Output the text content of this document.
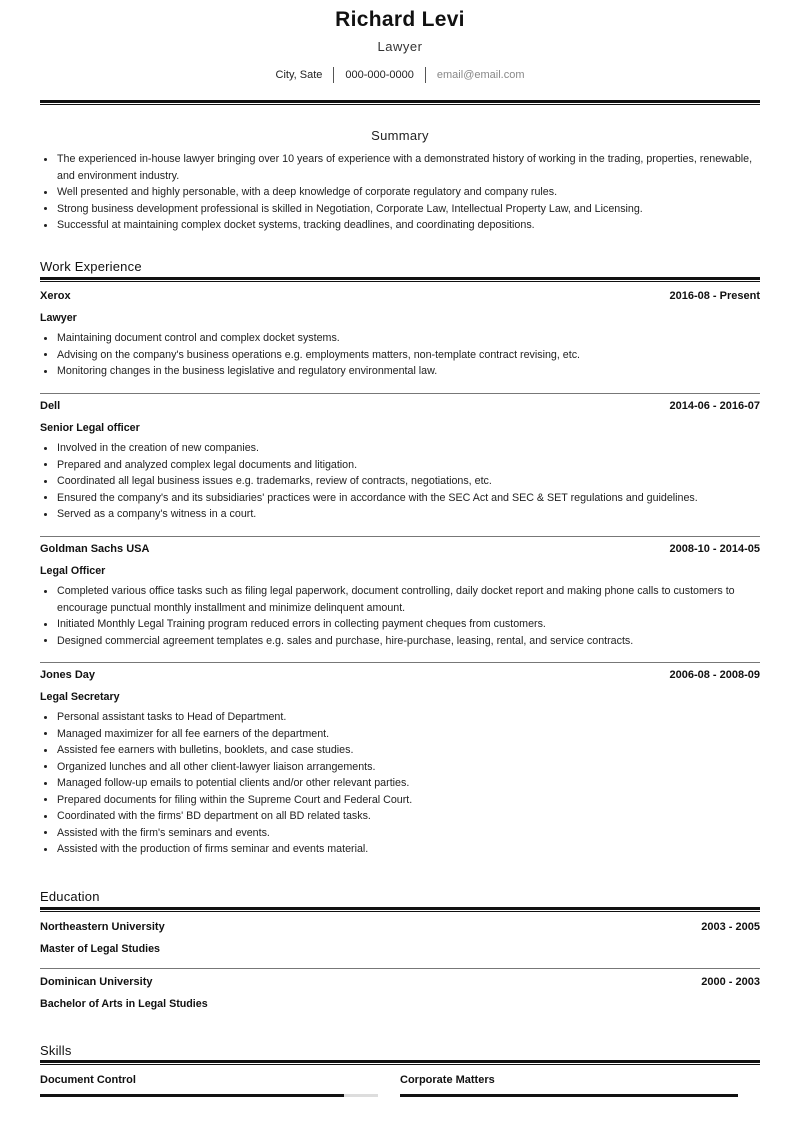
Richard Levi
Lawyer
City, Sate	000-000-0000	email@email.com
Summary
The experienced in-house lawyer bringing over 10 years of experience with a demonstrated history of working in the trading, properties, renewable, and environment industry.
Well presented and highly personable, with a deep knowledge of corporate regulatory and company rules.
Strong business development professional is skilled in Negotiation, Corporate Law, Intellectual Property Law, and Licensing.
Successful at maintaining complex docket systems, tracking deadlines, and coordinating depositions.
Work Experience
Xerox	2016-08 - Present
Lawyer
Maintaining document control and complex docket systems.
Advising on the company's business operations e.g. employments matters, non-template contract revising, etc.
Monitoring changes in the business legislative and regulatory environmental law.
Dell	2014-06 - 2016-07
Senior Legal officer
Involved in the creation of new companies.
Prepared and analyzed complex legal documents and litigation.
Coordinated all legal business issues e.g. trademarks, review of contracts, negotiations, etc.
Ensured the company's and its subsidiaries' practices were in accordance with the SEC Act and SEC & SET regulations and guidelines.
Served as a company's witness in a court.
Goldman Sachs USA	2008-10 - 2014-05
Legal Officer
Completed various office tasks such as filing legal paperwork, document controlling, daily docket report and making phone calls to customers to encourage punctual monthly installment and minimize delinquent amount.
Initiated Monthly Legal Training program reduced errors in collecting payment cheques from customers.
Designed commercial agreement templates e.g. sales and purchase, hire-purchase, leasing, rental, and service contracts.
Jones Day	2006-08 - 2008-09
Legal Secretary
Personal assistant tasks to Head of Department.
Managed maximizer for all fee earners of the department.
Assisted fee earners with bulletins, booklets, and case studies.
Organized lunches and all other client-lawyer liaison arrangements.
Managed follow-up emails to potential clients and/or other relevant parties.
Prepared documents for filing within the Supreme Court and Federal Court.
Coordinated with the firms' BD department on all BD related tasks.
Assisted with the firm's seminars and events.
Assisted with the production of firms seminar and events material.
Education
Northeastern University	2003 - 2005
Master of Legal Studies
Dominican University	2000 - 2003
Bachelor of Arts in Legal Studies
Skills
Document Control	Corporate Matters
